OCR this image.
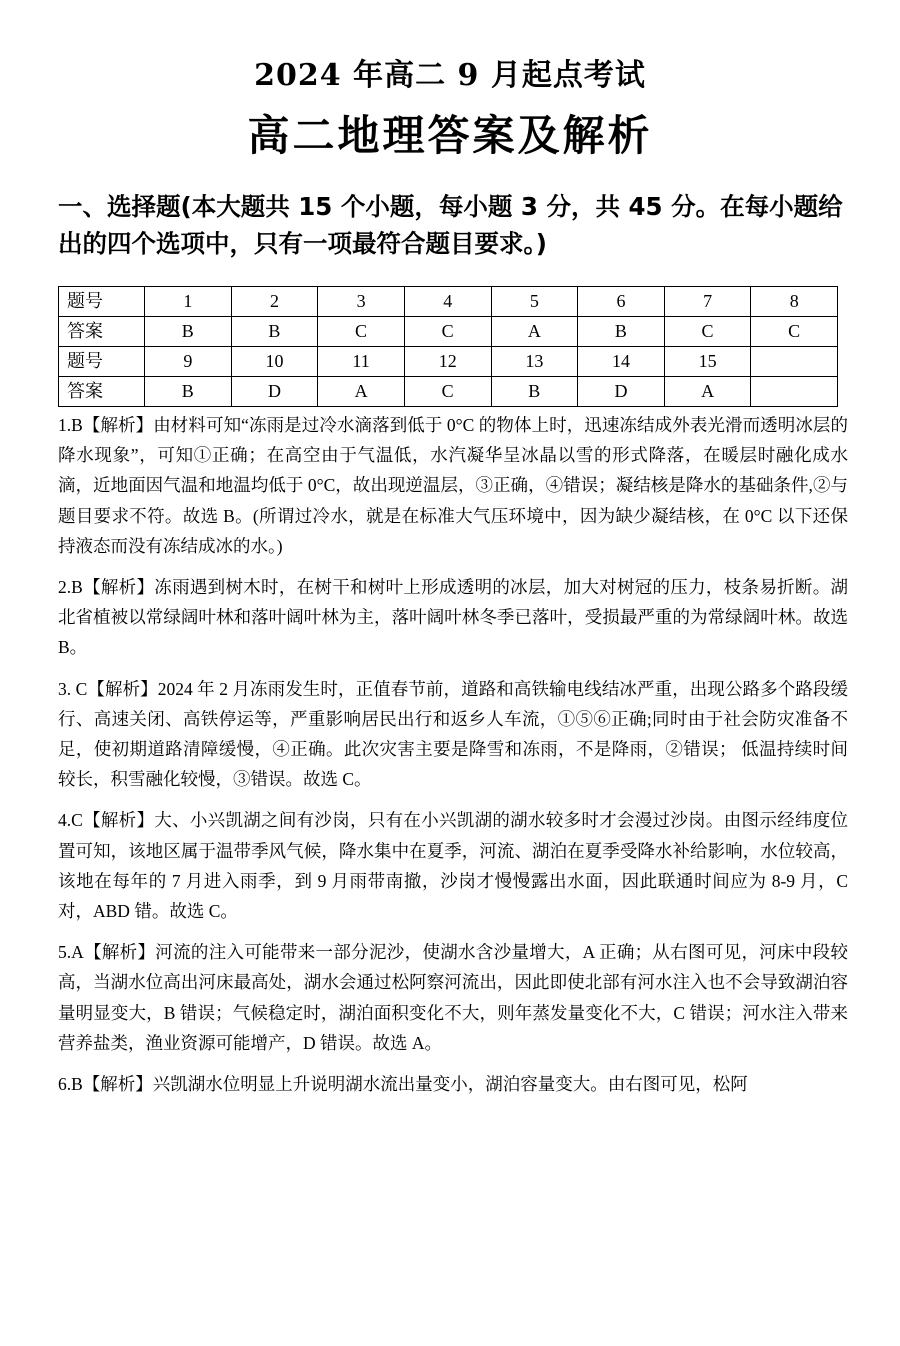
2024 年高二 9 月起点考试
高二地理答案及解析

一、选择题(本大题共 15 个小题，每小题 3 分，共 45 分。在每小题给出的四个选项中，只有一项最符合题目要求。)

题号	1	2	3	4	5	6	7	8
答案	B	B	C	C	A	B	C	C
题号	9	10	11	12	13	14	15	
答案	B	D	A	C	B	D	A	

1.B【解析】由材料可知“冻雨是过冷水滴落到低于 0°C 的物体上时，迅速冻结成外表光滑而透明冰层的降水现象”，可知①正确；在高空由于气温低，水汽凝华呈冰晶以雪的形式降落，在暖层时融化成水滴，近地面因气温和地温均低于 0°C，故出现逆温层，③正确，④错误；凝结核是降水的基础条件,②与题目要求不符。故选 B。(所谓过冷水，就是在标准大气压环境中，因为缺少凝结核，在 0°C 以下还保持液态而没有冻结成冰的水。)

2.B【解析】冻雨遇到树木时，在树干和树叶上形成透明的冰层，加大对树冠的压力，枝条易折断。湖北省植被以常绿阔叶林和落叶阔叶林为主，落叶阔叶林冬季已落叶，受损最严重的为常绿阔叶林。故选 B。

3. C【解析】2024 年 2 月冻雨发生时，正值春节前，道路和高铁输电线结冰严重，出现公路多个路段缓行、高速关闭、高铁停运等，严重影响居民出行和返乡人车流，①⑤⑥正确;同时由于社会防灾准备不足，使初期道路清障缓慢，④正确。此次灾害主要是降雪和冻雨，不是降雨，②错误； 低温持续时间较长，积雪融化较慢，③错误。故选 C。

4.C【解析】大、小兴凯湖之间有沙岗，只有在小兴凯湖的湖水较多时才会漫过沙岗。由图示经纬度位置可知，该地区属于温带季风气候，降水集中在夏季，河流、湖泊在夏季受降水补给影响，水位较高，该地在每年的 7 月进入雨季，到 9 月雨带南撤，沙岗才慢慢露出水面，因此联通时间应为 8-9 月，C 对，ABD 错。故选 C。

5.A【解析】河流的注入可能带来一部分泥沙，使湖水含沙量增大，A 正确；从右图可见，河床中段较高，当湖水位高出河床最高处，湖水会通过松阿察河流出，因此即使北部有河水注入也不会导致湖泊容量明显变大，B 错误；气候稳定时，湖泊面积变化不大，则年蒸发量变化不大，C 错误；河水注入带来营养盐类，渔业资源可能增产，D 错误。故选 A。

6.B【解析】兴凯湖水位明显上升说明湖水流出量变小，湖泊容量变大。由右图可见，松阿
